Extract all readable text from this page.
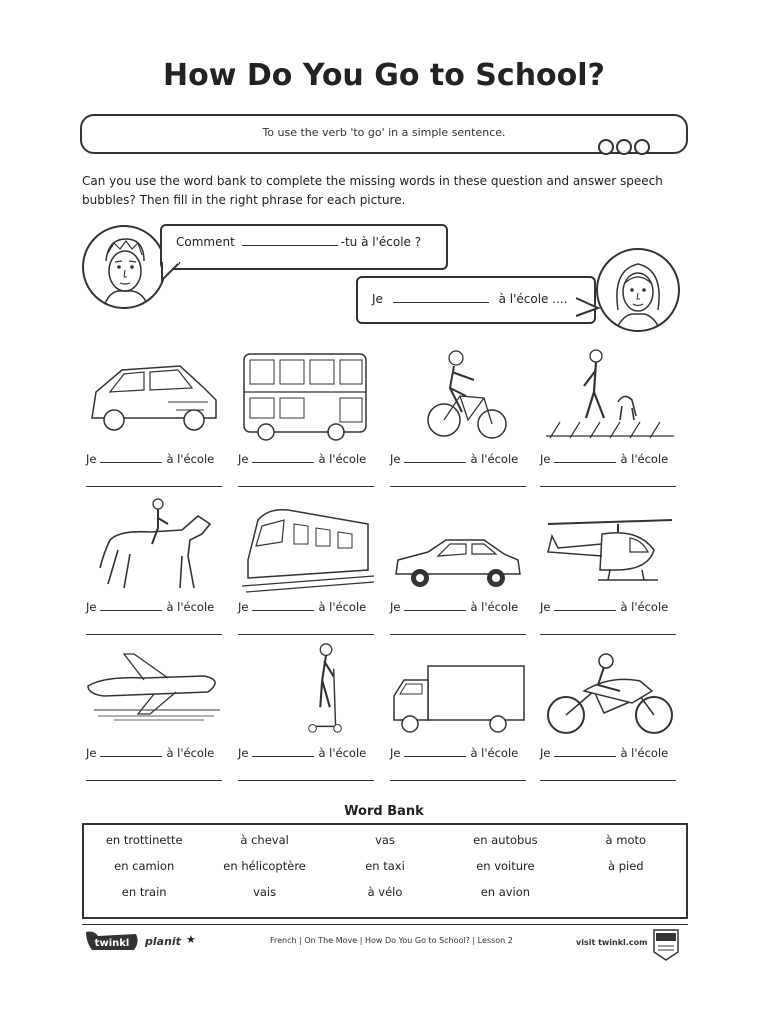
How Do You Go to School?
To use the verb 'to go' in a simple sentence.
Can you use the word bank to complete the missing words in these question and answer speech bubbles? Then fill in the right phrase for each picture.
Comment	-tu à l'école ?
Je	à l'école ....
Je	à l'école	Je	à l'école	Je	à l'école	Je	à l'école
Je	à l'école	Je	à l'école	Je	à l'école	Je	à l'école
Je	à l'école	Je	à l'école	Je	à l'école	Je	à l'école
Word Bank
en trottinette	à cheval	vas	en autobus	à moto
en camion	en hélicoptère	en taxi	en voiture	à pied
en train	vais	à vélo	en avion
twinkl planit ★	French | On The Move | How Do You Go to School? | Lesson 2	visit twinkl.com
